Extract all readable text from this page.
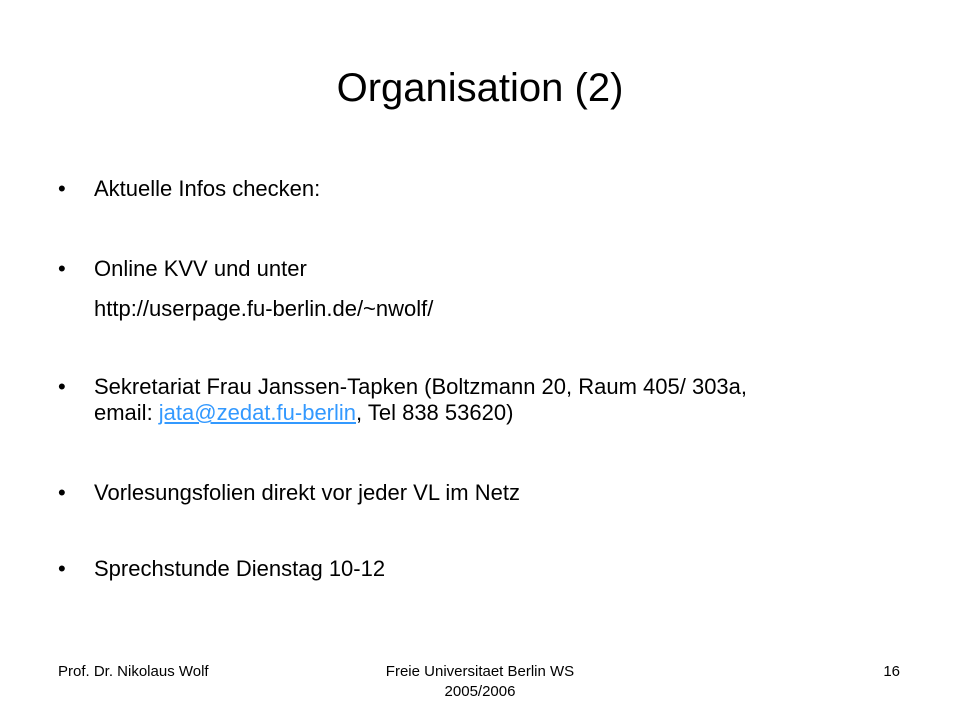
Organisation (2)
•	Aktuelle Infos checken:
•	Online KVV und unter
http://userpage.fu-berlin.de/~nwolf/
•	Sekretariat Frau Janssen-Tapken (Boltzmann 20, Raum 405/ 303a,
email: jata@zedat.fu-berlin, Tel 838 53620)
•	Vorlesungsfolien direkt vor jeder VL im Netz
•	Sprechstunde Dienstag 10-12
Prof. Dr. Nikolaus Wolf	Freie Universitaet Berlin WS
2005/2006
16
